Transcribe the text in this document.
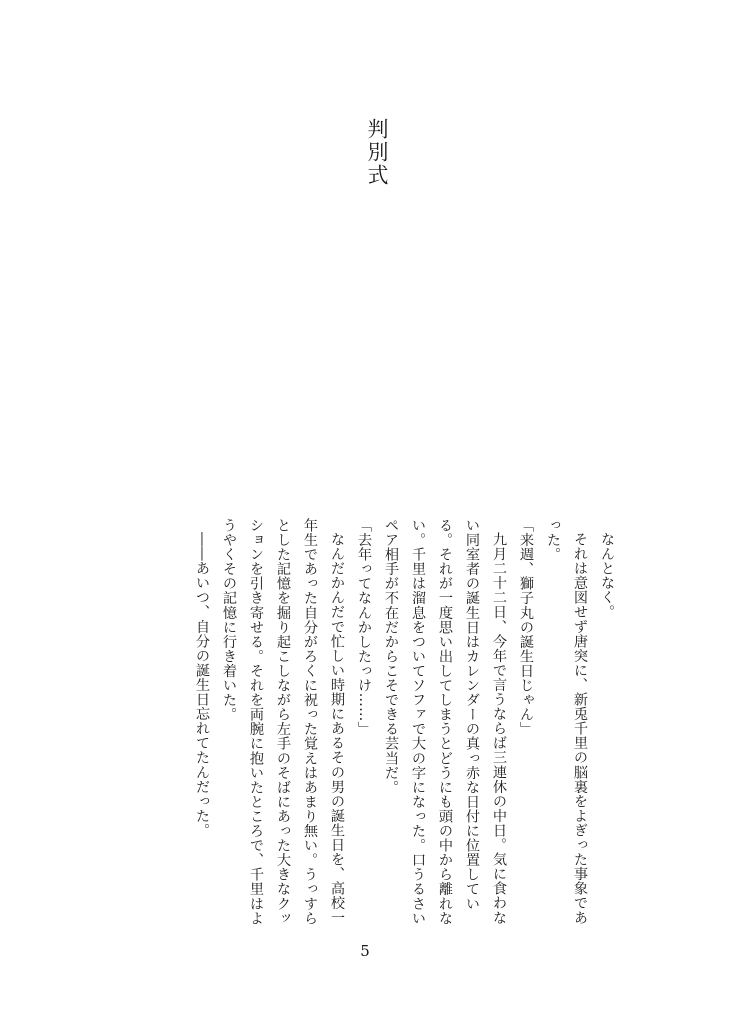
判別式

なんとなく。

それは意図せず唐突に、新兎千里の脳裏をよぎった事象であった。

「来週、獅子丸の誕生日じゃん」

九月二十二日、今年で言うならば三連休の中日。気に食わない同室者の誕生日はカレンダーの真っ赤な日付に位置している。それが一度思い出してしまうとどうにも頭の中から離れない。千里は溜息をついてソファで大の字になった。口うるさいペア相手が不在だからこそできる芸当だ。

「去年ってなんかしたっけ……」

なんだかんだで忙しい時期にあるその男の誕生日を、高校一年生であった自分がろくに祝った覚えはあまり無い。うっすらとした記憶を掘り起こしながら左手のそばにあった大きなクッションを引き寄せる。それを両腕に抱いたところで、千里はようやくその記憶に行き着いた。

――あいつ、自分の誕生日忘れてたんだった。

5
